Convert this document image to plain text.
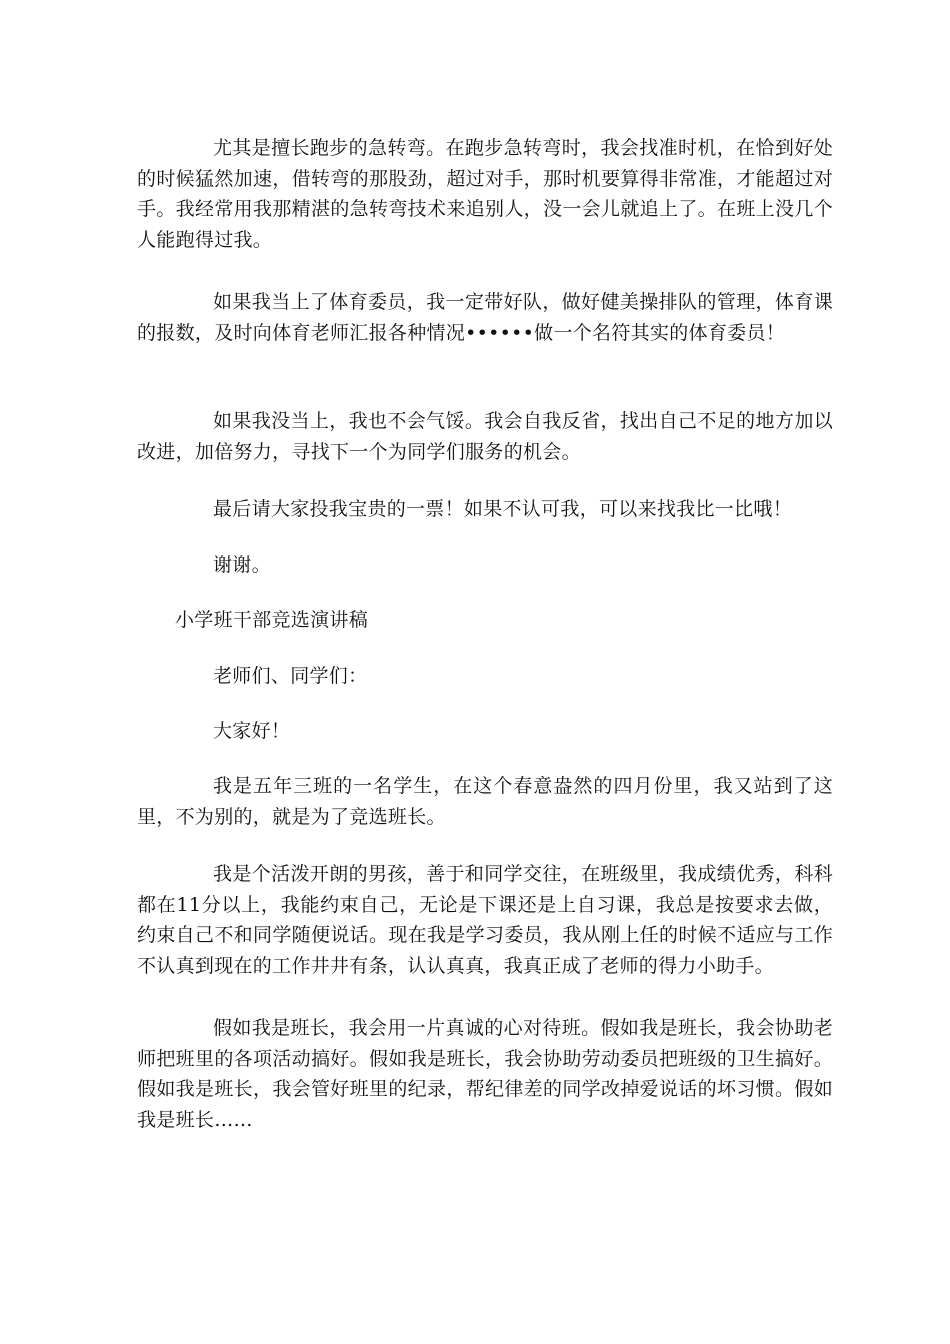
尤其是擅长跑步的急转弯。在跑步急转弯时，我会找准时机，在恰到好处的时候猛然加速，借转弯的那股劲，超过对手，那时机要算得非常准，才能超过对手。我经常用我那精湛的急转弯技术来追别人，没一会儿就追上了。在班上没几个人能跑得过我。

如果我当上了体育委员，我一定带好队，做好健美操排队的管理，体育课的报数，及时向体育老师汇报各种情况••••••做一个名符其实的体育委员！

如果我没当上，我也不会气馁。我会自我反省，找出自己不足的地方加以改进，加倍努力，寻找下一个为同学们服务的机会。

最后请大家投我宝贵的一票！如果不认可我，可以来找我比一比哦！

谢谢。

小学班干部竞选演讲稿

老师们、同学们：

大家好！

我是五年三班的一名学生，在这个春意盎然的四月份里，我又站到了这里，不为别的，就是为了竞选班长。

我是个活泼开朗的男孩，善于和同学交往，在班级里，我成绩优秀，科科都在11分以上，我能约束自己，无论是下课还是上自习课，我总是按要求去做，约束自己不和同学随便说话。现在我是学习委员，我从刚上任的时候不适应与工作不认真到现在的工作井井有条，认认真真，我真正成了老师的得力小助手。

假如我是班长，我会用一片真诚的心对待班。假如我是班长，我会协助老师把班里的各项活动搞好。假如我是班长，我会协助劳动委员把班级的卫生搞好。假如我是班长，我会管好班里的纪录，帮纪律差的同学改掉爱说话的坏习惯。假如我是班长……
